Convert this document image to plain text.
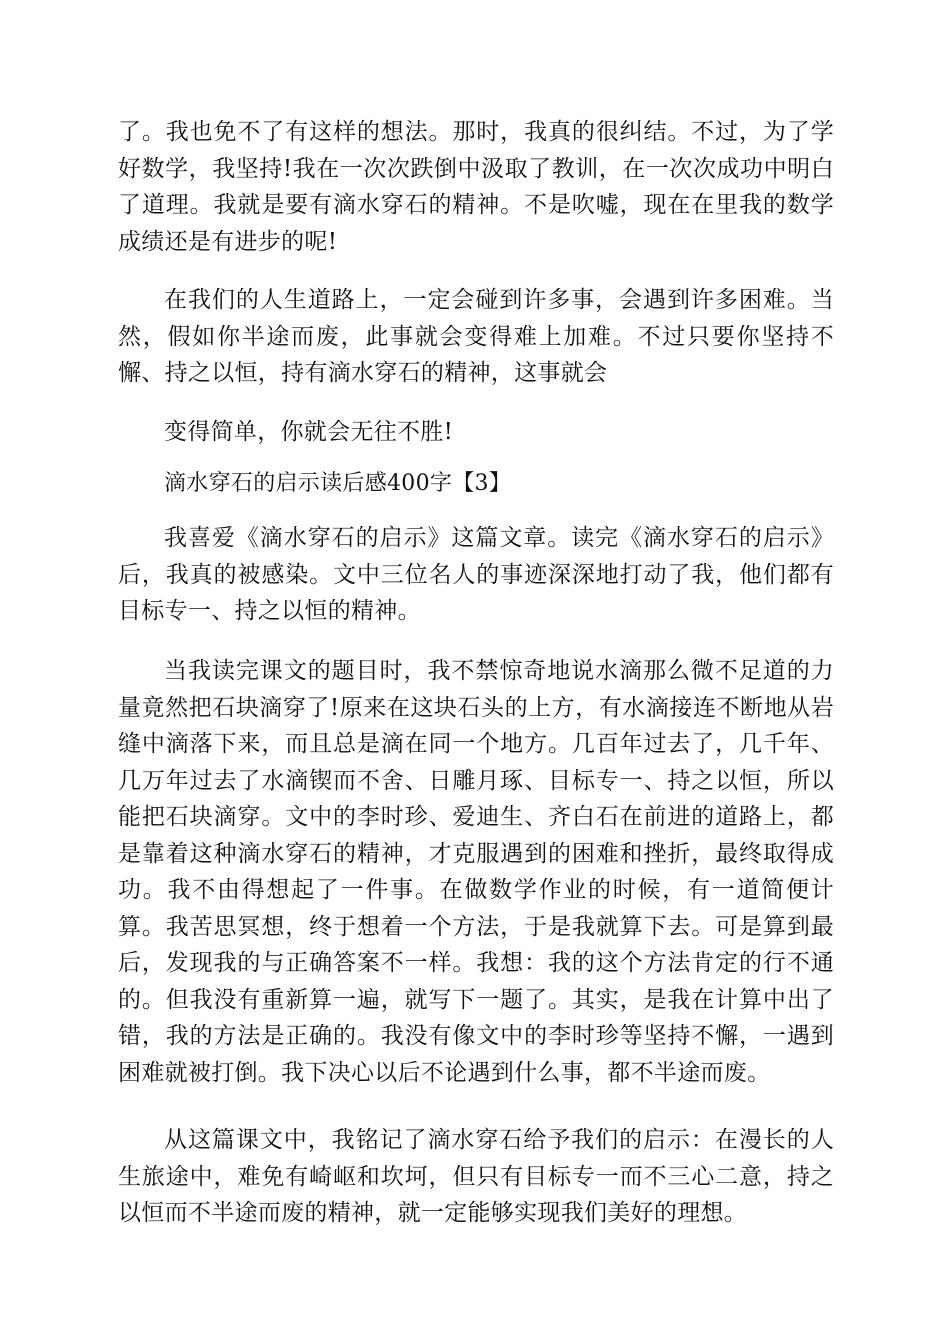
了。我也免不了有这样的想法。那时，我真的很纠结。不过，为了学好数学，我坚持!我在一次次跌倒中汲取了教训，在一次次成功中明白了道理。我就是要有滴水穿石的精神。不是吹嘘，现在在里我的数学成绩还是有进步的呢!

在我们的人生道路上，一定会碰到许多事，会遇到许多困难。当然，假如你半途而废，此事就会变得难上加难。不过只要你坚持不懈、持之以恒，持有滴水穿石的精神，这事就会

变得简单，你就会无往不胜!

滴水穿石的启示读后感400字【3】

我喜爱《滴水穿石的启示》这篇文章。读完《滴水穿石的启示》后，我真的被感染。文中三位名人的事迹深深地打动了我，他们都有目标专一、持之以恒的精神。

当我读完课文的题目时，我不禁惊奇地说水滴那么微不足道的力量竟然把石块滴穿了!原来在这块石头的上方，有水滴接连不断地从岩缝中滴落下来，而且总是滴在同一个地方。几百年过去了，几千年、几万年过去了水滴锲而不舍、日雕月琢、目标专一、持之以恒，所以能把石块滴穿。文中的李时珍、爱迪生、齐白石在前进的道路上，都是靠着这种滴水穿石的精神，才克服遇到的困难和挫折，最终取得成功。我不由得想起了一件事。在做数学作业的时候，有一道简便计算。我苦思冥想，终于想着一个方法，于是我就算下去。可是算到最后，发现我的与正确答案不一样。我想：我的这个方法肯定的行不通的。但我没有重新算一遍，就写下一题了。其实，是我在计算中出了错，我的方法是正确的。我没有像文中的李时珍等坚持不懈，一遇到困难就被打倒。我下决心以后不论遇到什么事，都不半途而废。

从这篇课文中，我铭记了滴水穿石给予我们的启示：在漫长的人生旅途中，难免有崎岖和坎坷，但只有目标专一而不三心二意，持之以恒而不半途而废的精神，就一定能够实现我们美好的理想。
